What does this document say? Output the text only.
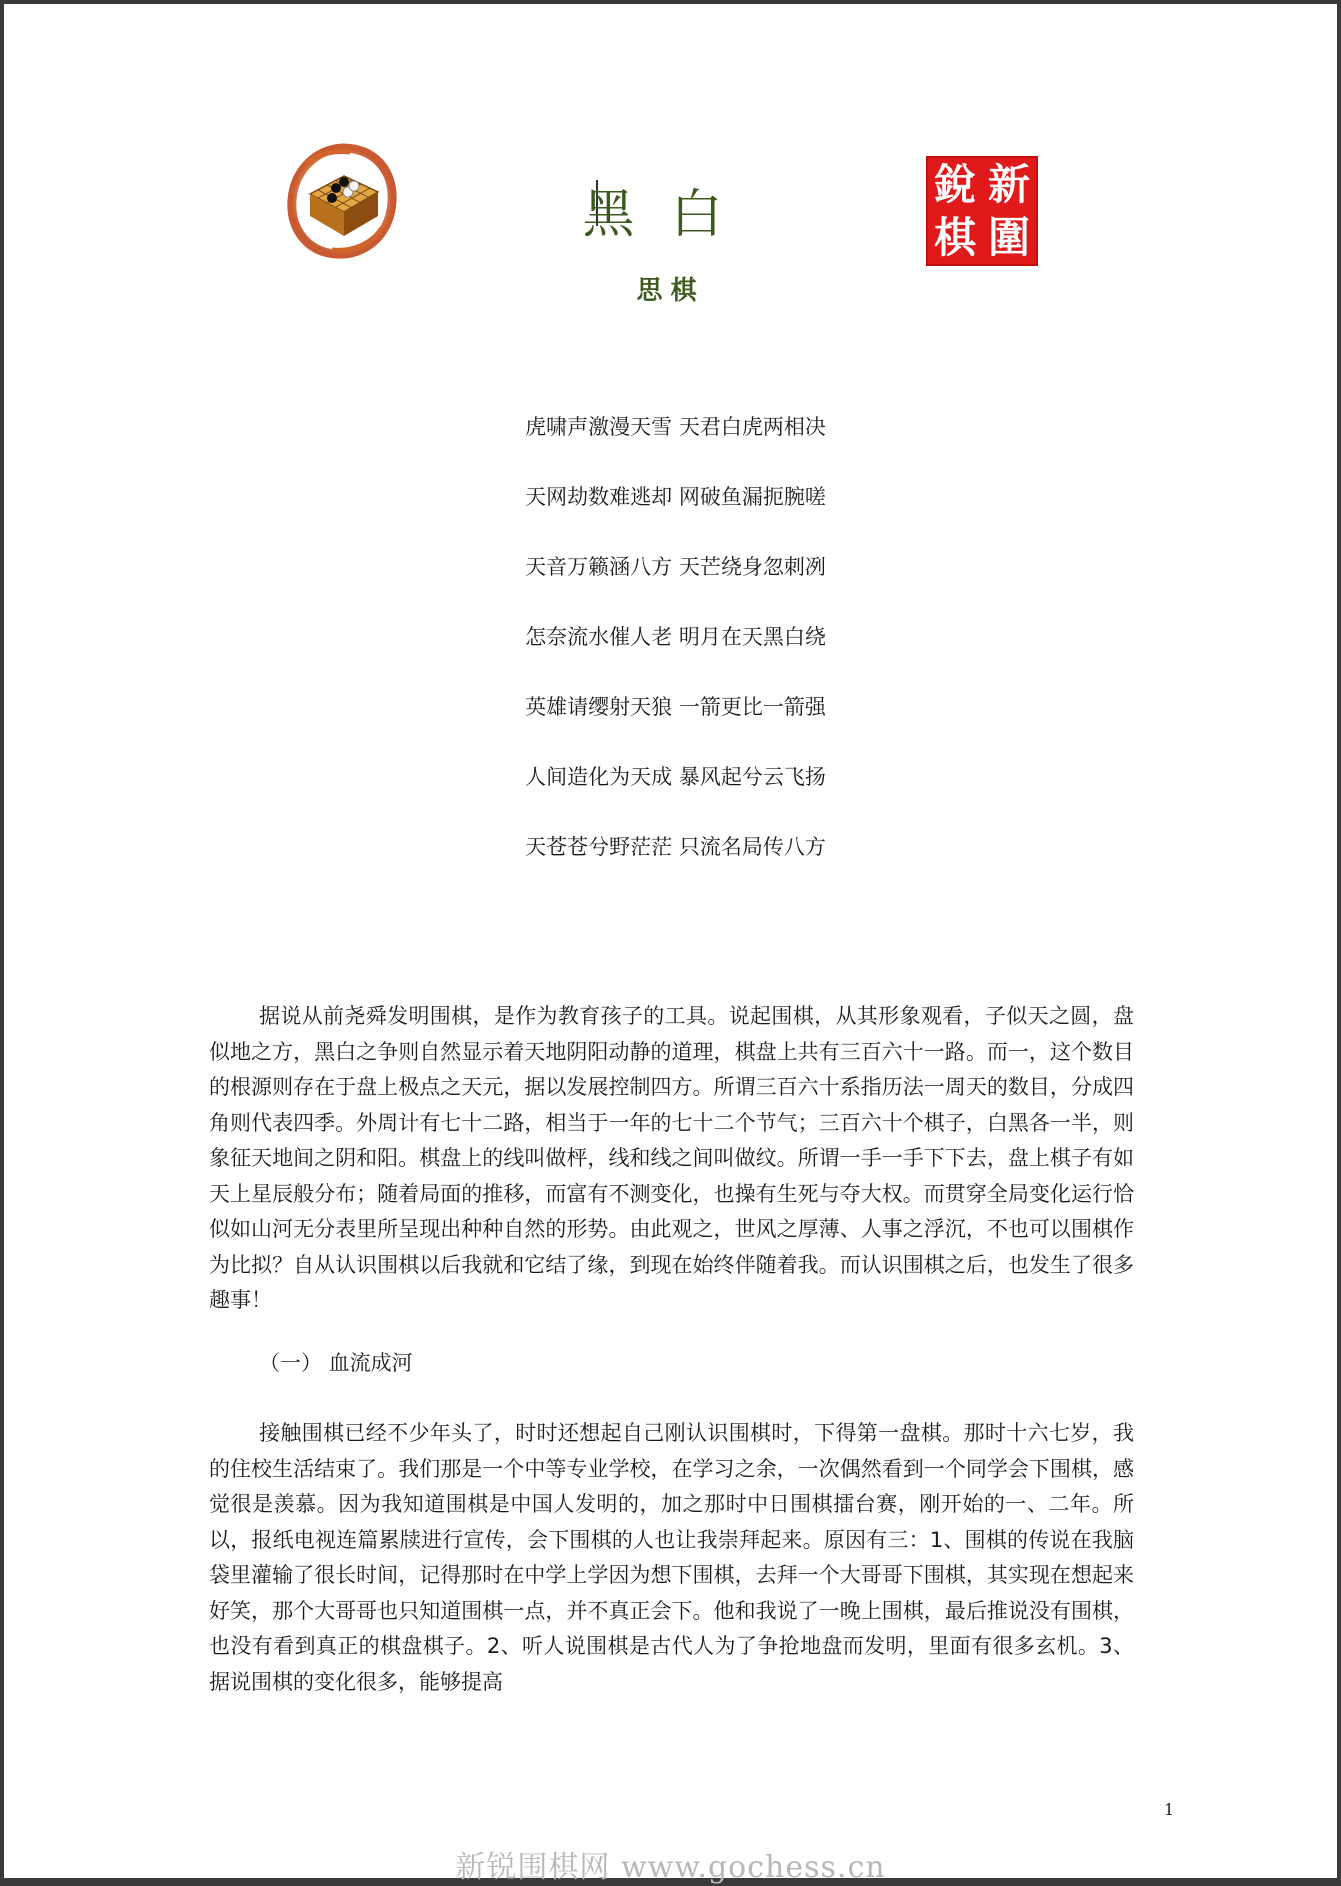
黑白
思棋
新
銳
圍
棋
虎啸声激漫天雪 天君白虎两相决
天网劫数难逃却 网破鱼漏扼腕嗟
天音万籁涵八方 天芒绕身忽刺冽
怎奈流水催人老 明月在天黑白绕
英雄请缨射天狼 一箭更比一箭强
人间造化为天成 暴风起兮云飞扬
天苍苍兮野茫茫 只流名局传八方

据说从前尧舜发明围棋，是作为教育孩子的工具。说起围棋，从其形象观看，子似天之圆，盘似地之方，黑白之争则自然显示着天地阴阳动静的道理，棋盘上共有三百六十一路。而一，这个数目的根源则存在于盘上极点之天元，据以发展控制四方。所谓三百六十系指历法一周天的数目，分成四角则代表四季。外周计有七十二路，相当于一年的七十二个节气；三百六十个棋子，白黑各一半，则象征天地间之阴和阳。棋盘上的线叫做枰，线和线之间叫做纹。所谓一手一手下下去，盘上棋子有如天上星辰般分布；随着局面的推移，而富有不测变化，也操有生死与夺大权。而贯穿全局变化运行恰似如山河无分表里所呈现出种种自然的形势。由此观之，世风之厚薄、人事之浮沉，不也可以围棋作为比拟？自从认识围棋以后我就和它结了缘，到现在始终伴随着我。而认识围棋之后，也发生了很多趣事！

（一） 血流成河

接触围棋已经不少年头了，时时还想起自己刚认识围棋时，下得第一盘棋。那时十六七岁，我的住校生活结束了。我们那是一个中等专业学校，在学习之余，一次偶然看到一个同学会下围棋，感觉很是羡慕。因为我知道围棋是中国人发明的，加之那时中日围棋擂台赛，刚开始的一、二年。所以，报纸电视连篇累牍进行宣传，会下围棋的人也让我崇拜起来。原因有三：1、围棋的传说在我脑袋里灌输了很长时间，记得那时在中学上学因为想下围棋，去拜一个大哥哥下围棋，其实现在想起来好笑，那个大哥哥也只知道围棋一点，并不真正会下。他和我说了一晚上围棋，最后推说没有围棋，也没有看到真正的棋盘棋子。2、听人说围棋是古代人为了争抢地盘而发明，里面有很多玄机。3、据说围棋的变化很多，能够提高

1
新锐围棋网 www.gochess.cn
